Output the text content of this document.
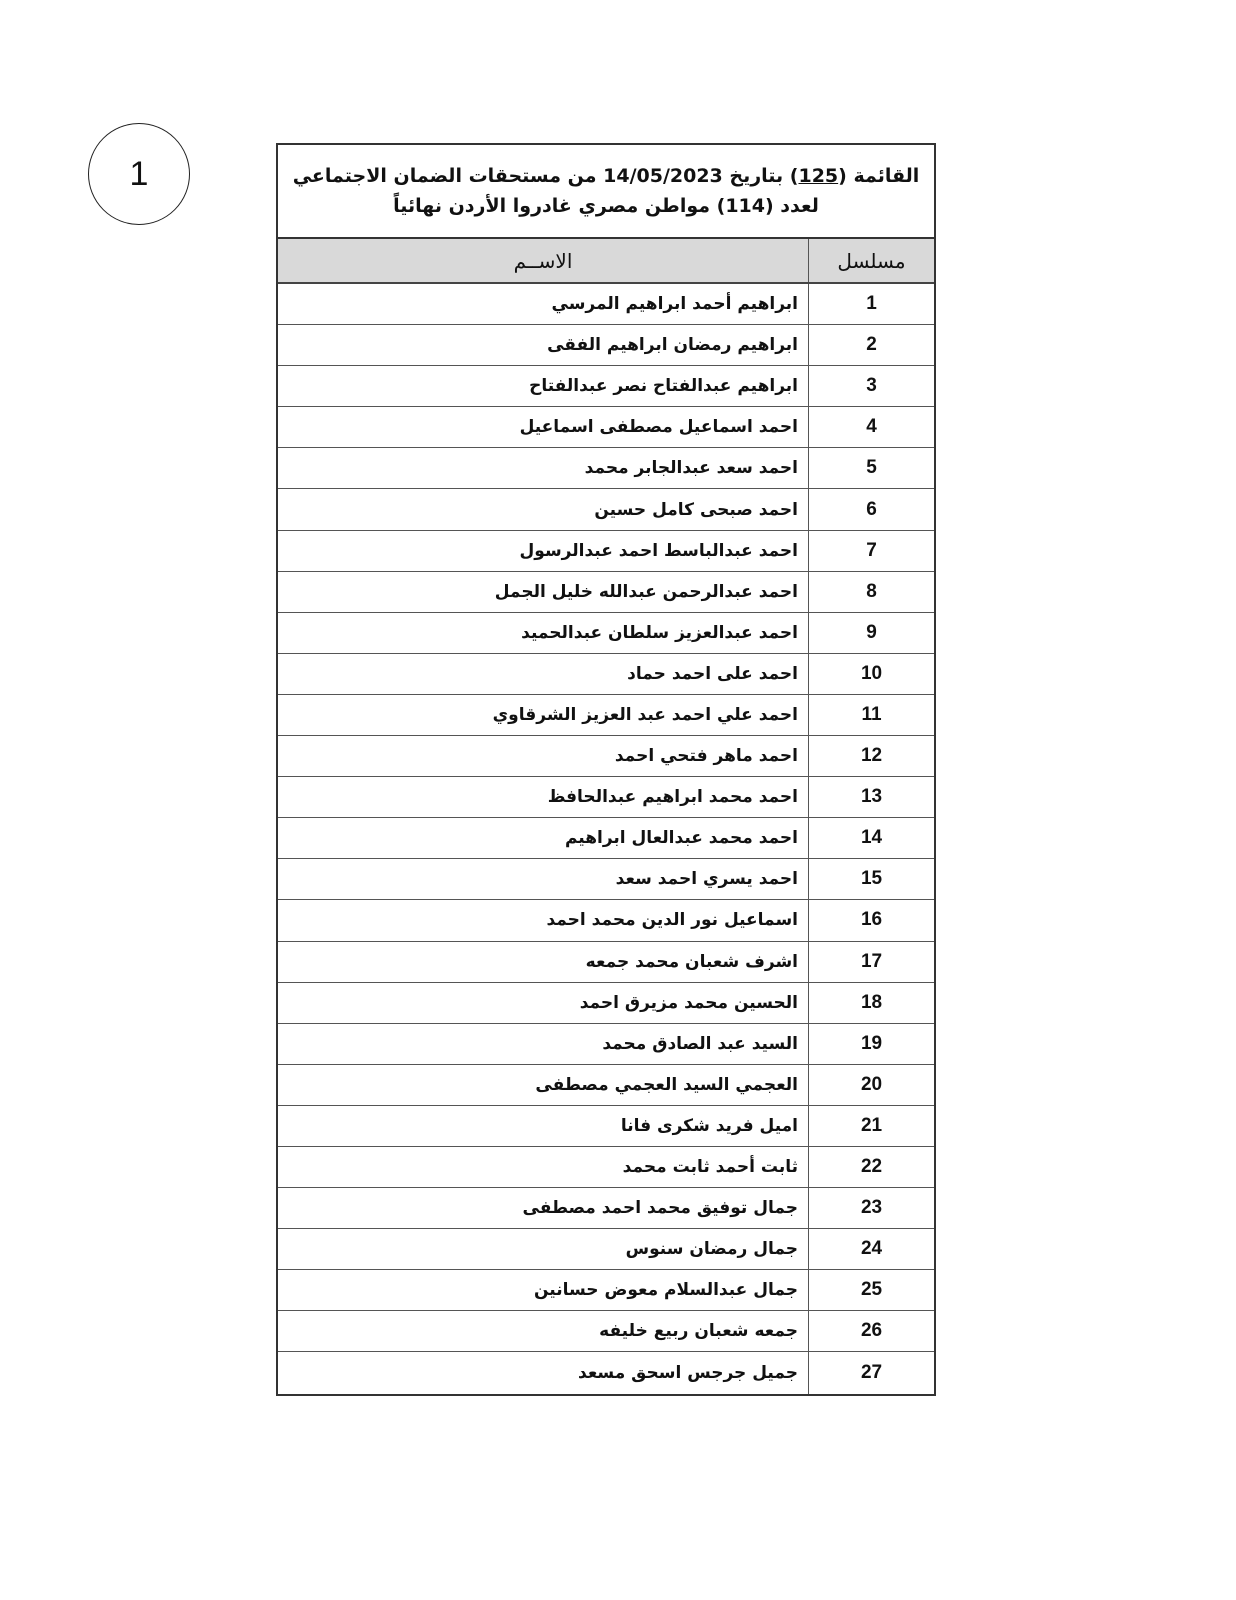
1	القائمة (125) بتاريخ 14/05/2023 من مستحقات الضمان الاجتماعي
لعدد (114) مواطن مصري غادروا الأردن نهائياً
مسلسل
الاســم
1
ابراهيم أحمد ابراهيم المرسي
2
ابراهيم رمضان ابراهيم الفقى
3
ابراهيم عبدالفتاح نصر عبدالفتاح
4
احمد اسماعيل مصطفى اسماعيل
5
احمد سعد عبدالجابر محمد
6
احمد صبحى كامل حسين
7
احمد عبدالباسط احمد عبدالرسول
8
احمد عبدالرحمن عبدالله خليل الجمل
9
احمد عبدالعزيز سلطان عبدالحميد
10
احمد على احمد حماد
11
احمد علي احمد عبد العزيز الشرقاوي
12
احمد ماهر فتحي احمد
13
احمد محمد ابراهيم عبدالحافظ
14
احمد محمد عبدالعال ابراهيم
15
احمد يسري احمد سعد
16
اسماعيل نور الدين محمد احمد
17
اشرف شعبان محمد جمعه
18
الحسين محمد مزيرق احمد
19
السيد عبد الصادق محمد
20
العجمي السيد العجمي مصطفى
21
اميل فريد شكرى فانا
22
ثابت أحمد ثابت محمد
23
جمال توفيق محمد احمد مصطفى
24
جمال رمضان سنوس
25
جمال عبدالسلام معوض حسانين
26
جمعه شعبان ربيع خليفه
27
جميل جرجس اسحق مسعد
